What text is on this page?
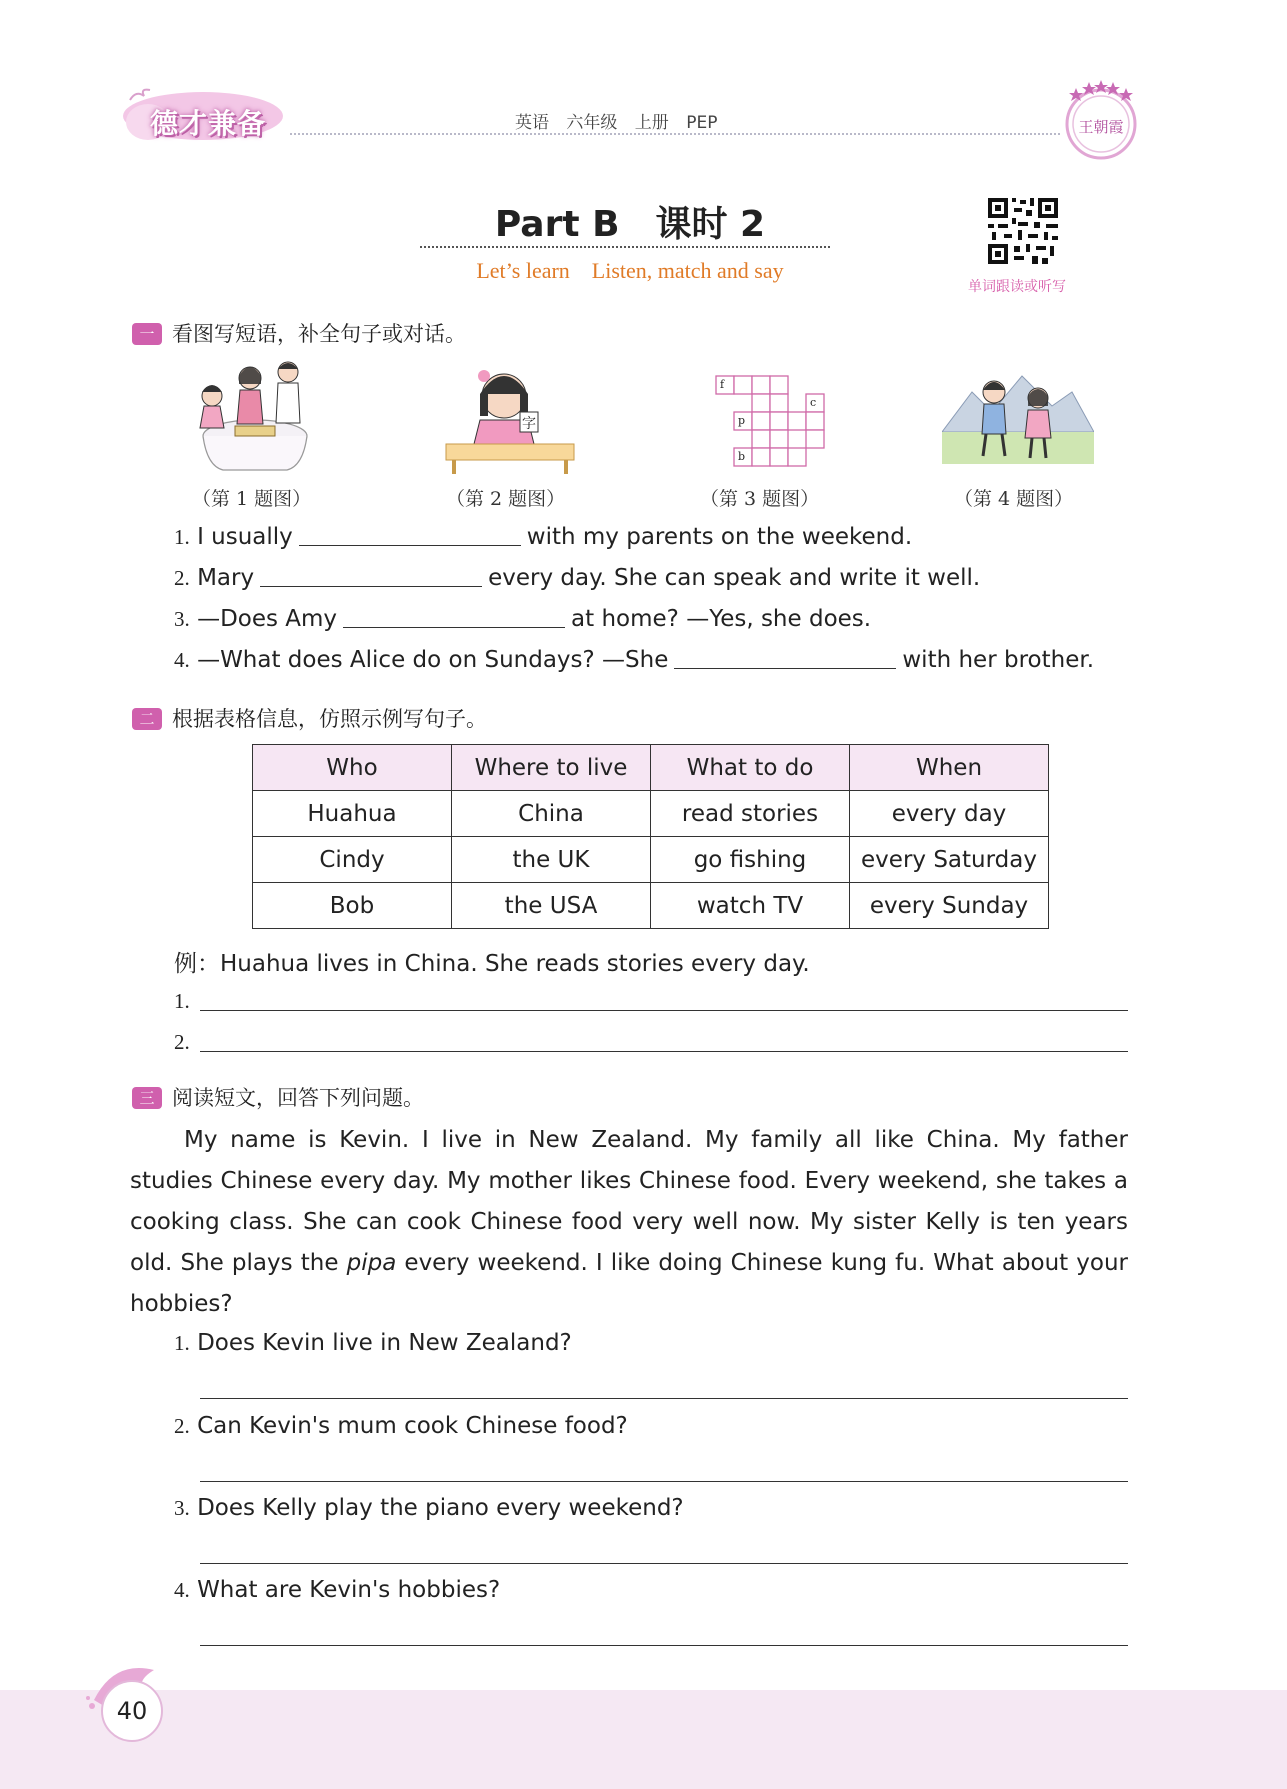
德才兼备	英语 六年级 上册 PEP	王朝霞
Part B　课时 2
Let’s learn　Listen, match and say
单词跟读或听写
一 看图写短语，补全句子或对话。
（第 1 题图）
字
（第 2 题图）
f
p
b
c
（第 3 题图）	（第 4 题图）
1. I usually	with my parents on the weekend.
2. Mary	every day. She can speak and write it well.
3. —Does Amy	at home? —Yes, she does.
4. —What does Alice do on Sundays? —She	with her brother.
二 根据表格信息，仿照示例写句子。
Who	Where to live	What to do	When
Huahua	China	read stories	every day
Cindy	the UK	go fishing	every Saturday
Bob	the USA	watch TV	every Sunday
例：Huahua lives in China. She reads stories every day.
1.
2.
三 阅读短文，回答下列问题。
My name is Kevin. I live in New Zealand. My family all like China. My father studies Chinese every day. My mother likes Chinese food. Every weekend, she takes a cooking class. She can cook Chinese food very well now. My sister Kelly is ten years old. She plays the pipa every weekend. I like doing Chinese kung fu. What about your hobbies?
1. Does Kevin live in New Zealand?
2. Can Kevin's mum cook Chinese food?
3. Does Kelly play the piano every weekend?
4. What are Kevin's hobbies?
40
